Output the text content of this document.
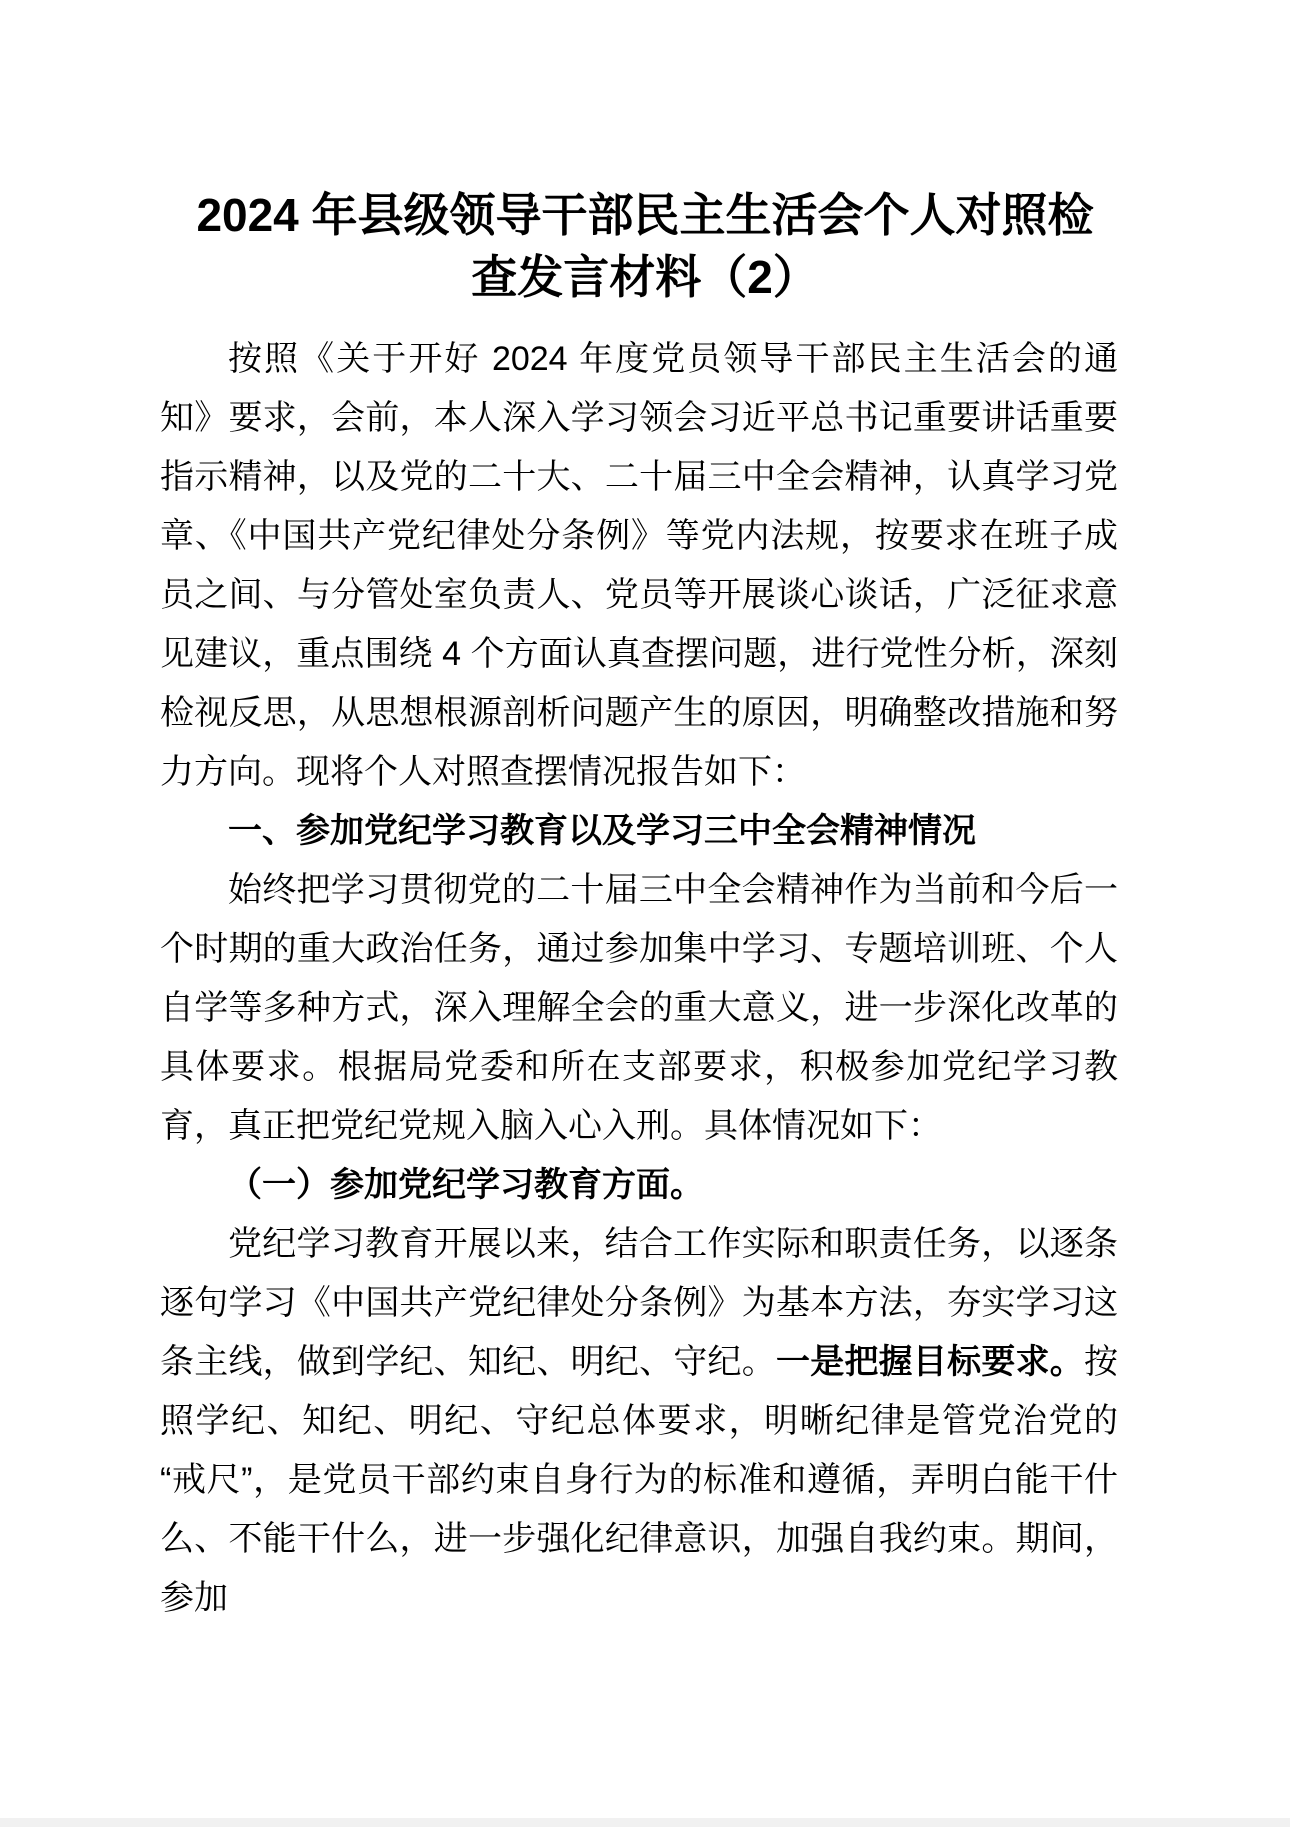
2024 年县级领导干部民主生活会个人对照检查发言材料（2）

按照《关于开好 2024 年度党员领导干部民主生活会的通知》要求，会前，本人深入学习领会习近平总书记重要讲话重要指示精神，以及党的二十大、二十届三中全会精神，认真学习党章、《中国共产党纪律处分条例》等党内法规，按要求在班子成员之间、与分管处室负责人、党员等开展谈心谈话，广泛征求意见建议，重点围绕 4 个方面认真查摆问题，进行党性分析，深刻检视反思，从思想根源剖析问题产生的原因，明确整改措施和努力方向。现将个人对照查摆情况报告如下：

一、参加党纪学习教育以及学习三中全会精神情况

始终把学习贯彻党的二十届三中全会精神作为当前和今后一个时期的重大政治任务，通过参加集中学习、专题培训班、个人自学等多种方式，深入理解全会的重大意义，进一步深化改革的具体要求。根据局党委和所在支部要求，积极参加党纪学习教育，真正把党纪党规入脑入心入刑。具体情况如下：

（一）参加党纪学习教育方面。

党纪学习教育开展以来，结合工作实际和职责任务，以逐条逐句学习《中国共产党纪律处分条例》为基本方法，夯实学习这条主线，做到学纪、知纪、明纪、守纪。一是把握目标要求。按照学纪、知纪、明纪、守纪总体要求，明晰纪律是管党治党的“戒尺”，是党员干部约束自身行为的标准和遵循，弄明白能干什么、不能干什么，进一步强化纪律意识，加强自我约束。期间，参加
